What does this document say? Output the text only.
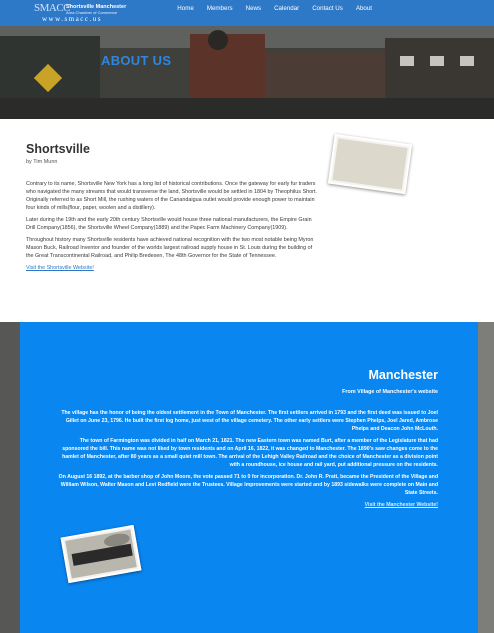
SMACC
Shortsville Manchester
Area Chamber of Commerce
www.smacc.us
Home Members News Calendar Contact Us About
ABOUT US
Shortsville
by Tim Munn

Contrary to its name, Shortsville New York has a long list of historical contributions. Once the gateway for early fur traders who navigated the many streams that would transverse the land, Shortsville would be settled in 1804 by Theophilus Short. Originally referred to as Short Mill, the rushing waters of the Canandaigua outlet would provide enough power to maintain four kinds of mills(flour, paper, woolen and a distillery).

Later during the 19th and the early 20th century Shortsville would house three national manufacturers, the Empire Grain Drill Company(1856), the Shortsville Wheel Company(1889) and the Papec Farm Machinery Company(1909).

Throughout history many Shortsville residents have achieved national recognition with the two most notable being Myron Mason Buck, Railroad Inventor and founder of the worlds largest railroad supply house in St. Louis during the building of the Great Transcontinental Railroad, and Philip Bredesen, The 48th Governor for the State of Tennessee.

Visit the Shortsville Website!

Manchester
From Village of Manchester's website

The village has the honor of being the oldest settlement in the Town of Manchester. The first settlers arrived in 1793 and the first deed was issued to Joel Gillet on June 23, 1796. He built the first log home, just west of the village cemetery. The other early settlers were Stephen Phelps, Joel Jared, Ambrose Phelps and Deacon John McLouth.

The town of Farmington was divided in half on March 21, 1821. The new Eastern town was named Burt, after a member of the Legislature that had sponsored the bill. This name was not liked by town residents and on April 16, 1822, it was changed to Manchester. The 1890's saw changes come to the hamlet of Manchester, after 80 years as a small quiet mill town. The arrival of the Lehigh Valley Railroad and the choice of Manchester as a division point with a roundhouse, ice house and rail yard, put additional pressure on the residents.

On August 16 1892, at the barber shop of John Moore, the vote passed 71 to 0 for incorporation. Dr. John R. Pratt, became the President of the Village and William Wilson, Walter Mason and Levi Redfield were the Trustees. Village Improvements were started and by 1893 sidewalks were complete on Main and State Streets.

Visit the Manchester Website!
